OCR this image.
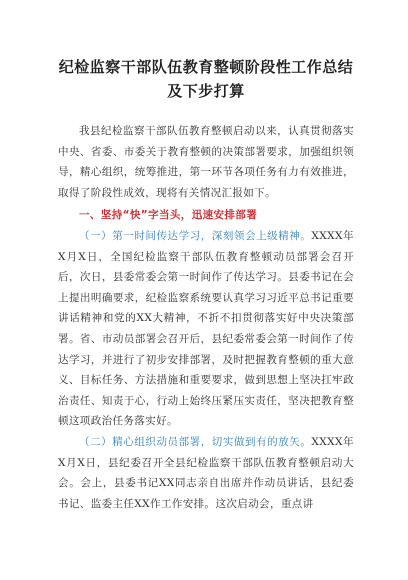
纪检监察干部队伍教育整顿阶段性工作总结
及下步打算

我县纪检监察干部队伍教育整顿启动以来，认真贯彻落实中央、省委、市委关于教育整顿的决策部署要求，加强组织领导，精心组织，统筹推进，第一环节各项任务有力有效推进，取得了阶段性成效，现将有关情况汇报如下。

一、坚持“快”字当头，迅速安排部署

（一）第一时间传达学习，深刻领会上级精神。XXXX年X月X日，全国纪检监察干部队伍教育整顿动员部署会召开后，次日，县委常委会第一时间作了传达学习。县委书记在会上提出明确要求，纪检监察系统要认真学习习近平总书记重要讲话精神和党的XX大精神，不折不扣贯彻落实好中央决策部署。省、市动员部署会召开后，县纪委常委会第一时间作了传达学习，并进行了初步安排部署，及时把握教育整顿的重大意义、目标任务、方法措施和重要要求，做到思想上坚决扛牢政治责任、知责于心，行动上始终压紧压实责任，坚决把教育整顿这项政治任务落实好。

（二）精心组织动员部署，切实做到有的放矢。XXXX年X月X日，县纪委召开全县纪检监察干部队伍教育整顿启动大会。会上，县委书记XX同志亲自出席并作动员讲话，县纪委书记、监委主任XX作工作安排。这次启动会，重点讲
